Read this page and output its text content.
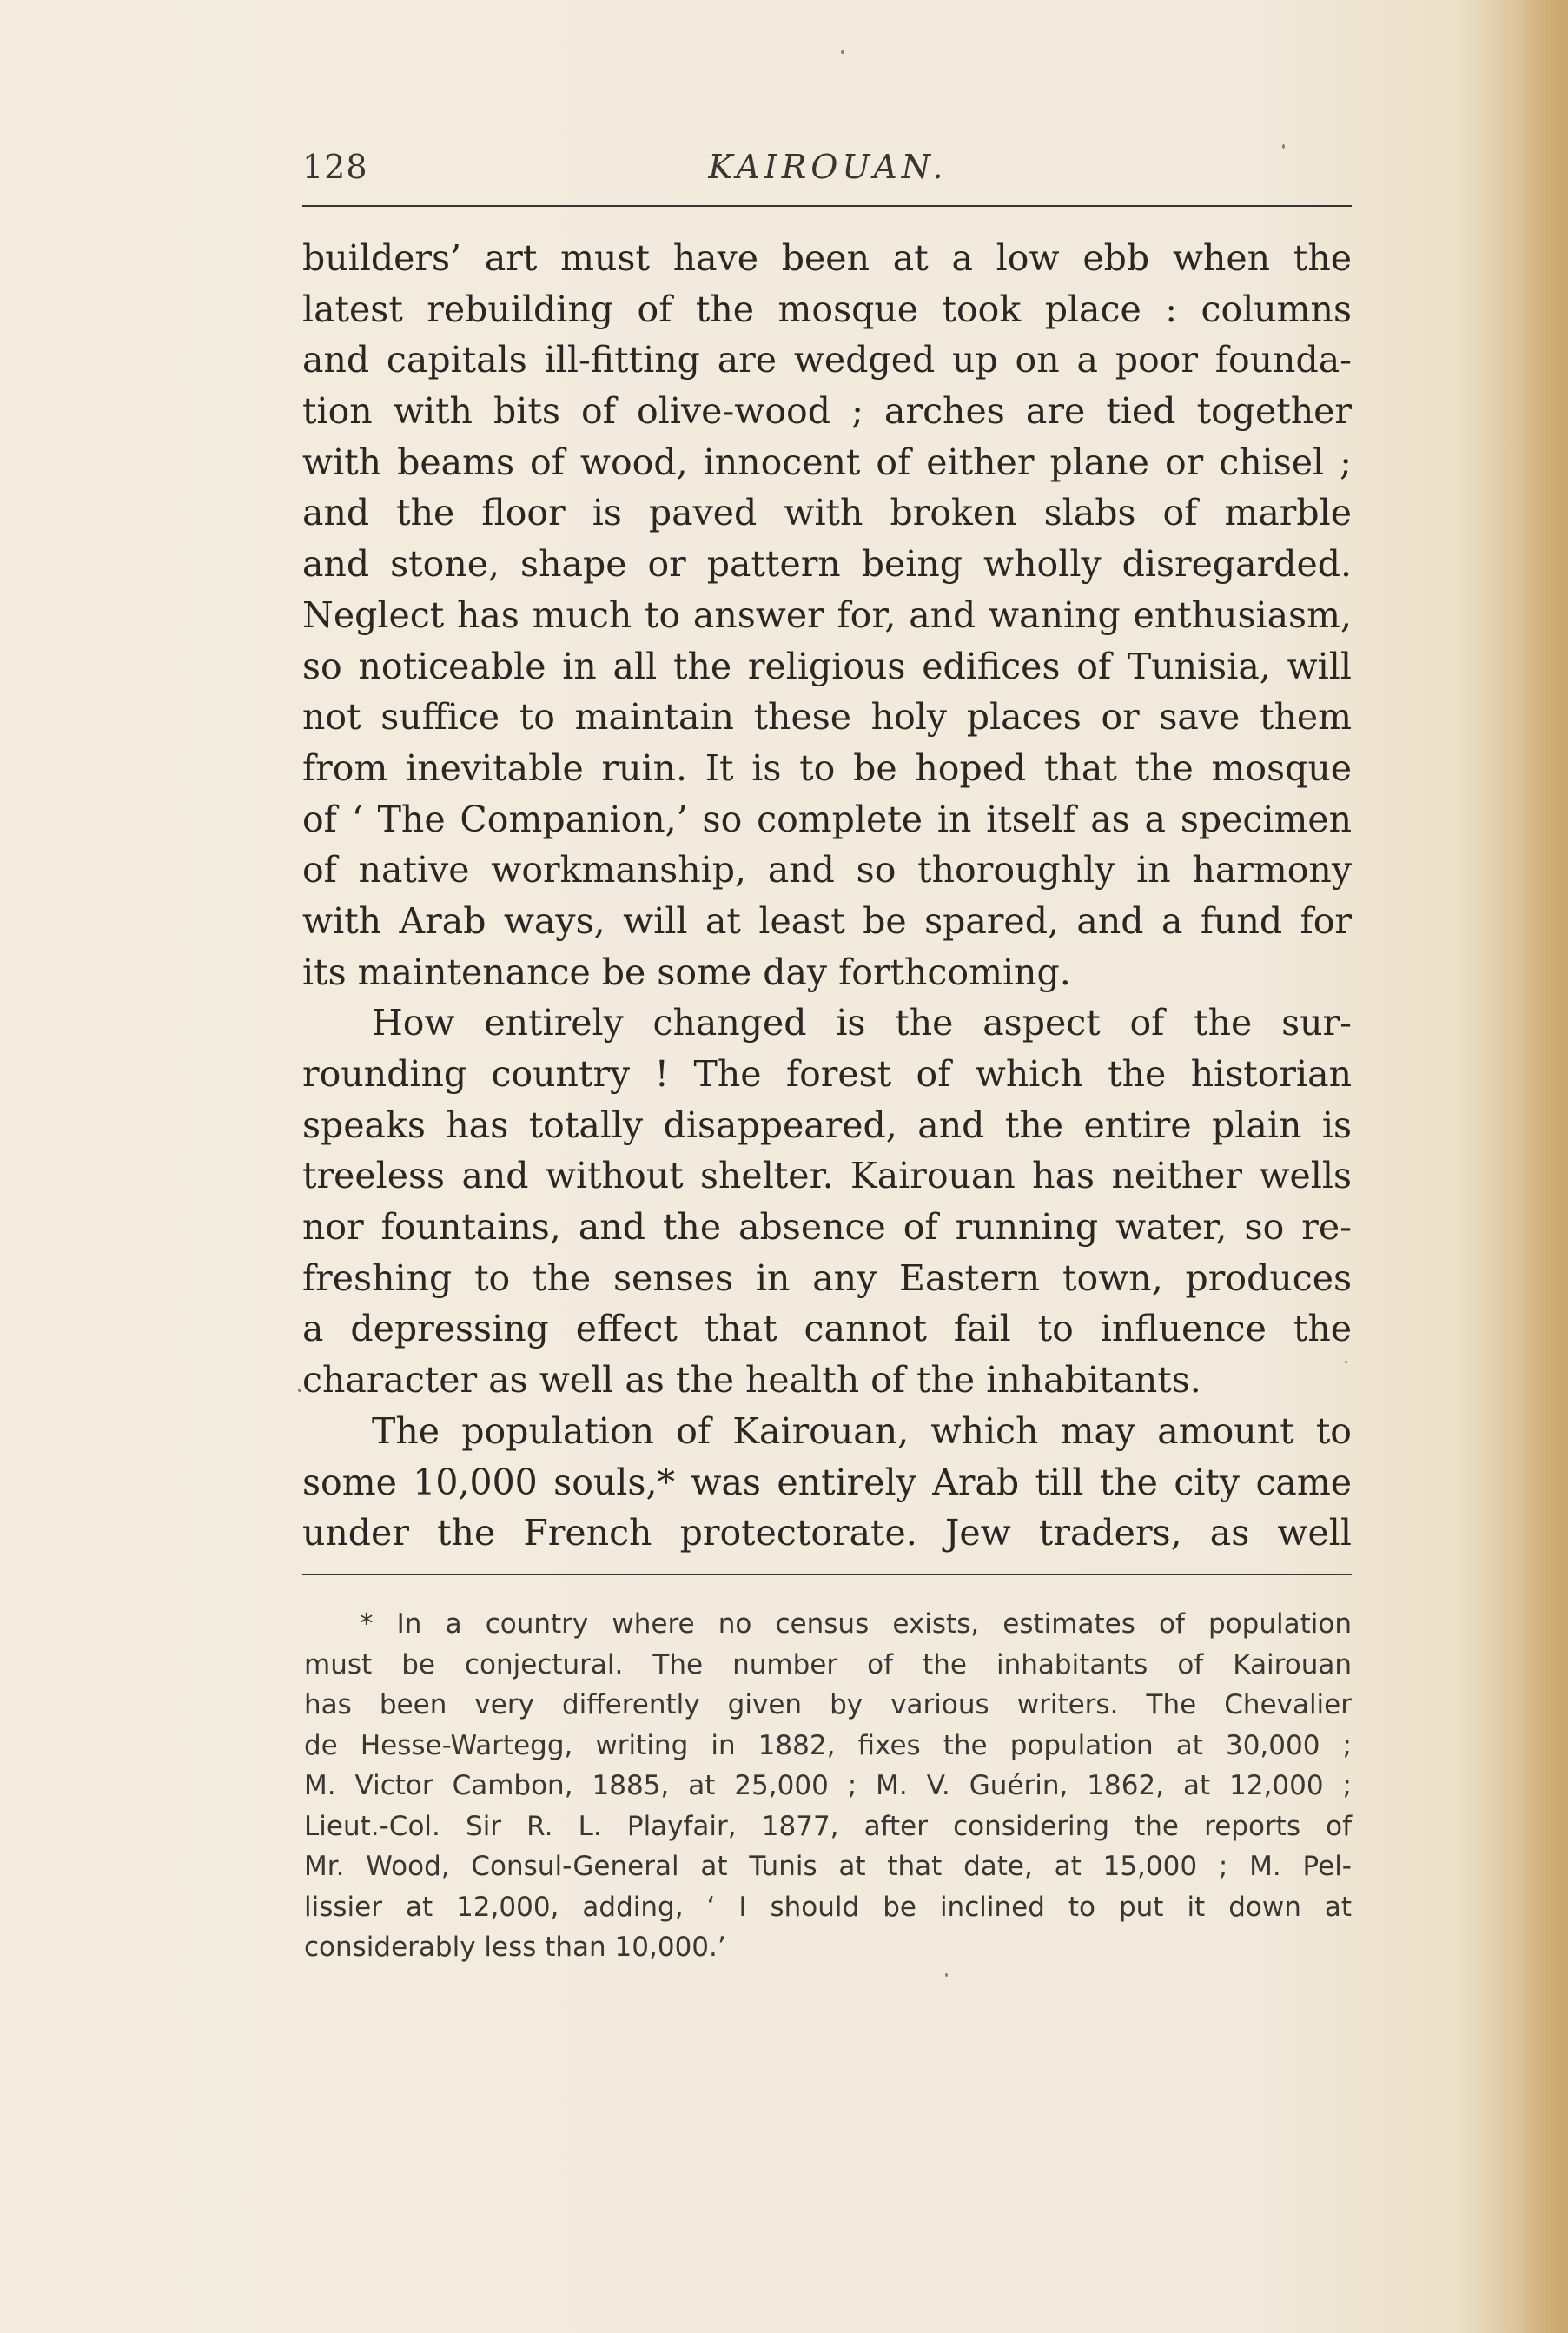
128	KAIROUAN.
builders’ art must have been at a low ebb when the
latest rebuilding of the mosque took place : columns
and capitals ill-fitting are wedged up on a poor founda-
tion with bits of olive-wood ; arches are tied together
with beams of wood, innocent of either plane or chisel ;
and the floor is paved with broken slabs of marble
and stone, shape or pattern being wholly disregarded.
Neglect has much to answer for, and waning enthusiasm,
so noticeable in all the religious edifices of Tunisia, will
not suffice to maintain these holy places or save them
from inevitable ruin. It is to be hoped that the mosque
of ‘ The Companion,’ so complete in itself as a specimen
of native workmanship, and so thoroughly in harmony
with Arab ways, will at least be spared, and a fund for
its maintenance be some day forthcoming.
How entirely changed is the aspect of the sur-
rounding country ! The forest of which the historian
speaks has totally disappeared, and the entire plain is
treeless and without shelter. Kairouan has neither wells
nor fountains, and the absence of running water, so re-
freshing to the senses in any Eastern town, produces
a depressing effect that cannot fail to influence the
character as well as the health of the inhabitants.
The population of Kairouan, which may amount to
some 10,000 souls,* was entirely Arab till the city came
under the French protectorate. Jew traders, as well
* In a country where no census exists, estimates of population
must be conjectural. The number of the inhabitants of Kairouan
has been very differently given by various writers. The Chevalier
de Hesse-Wartegg, writing in 1882, fixes the population at 30,000 ;
M. Victor Cambon, 1885, at 25,000 ; M. V. Guérin, 1862, at 12,000 ;
Lieut.-Col. Sir R. L. Playfair, 1877, after considering the reports of
Mr. Wood, Consul-General at Tunis at that date, at 15,000 ; M. Pel-
lissier at 12,000, adding, ‘ I should be inclined to put it down at
considerably less than 10,000.’
